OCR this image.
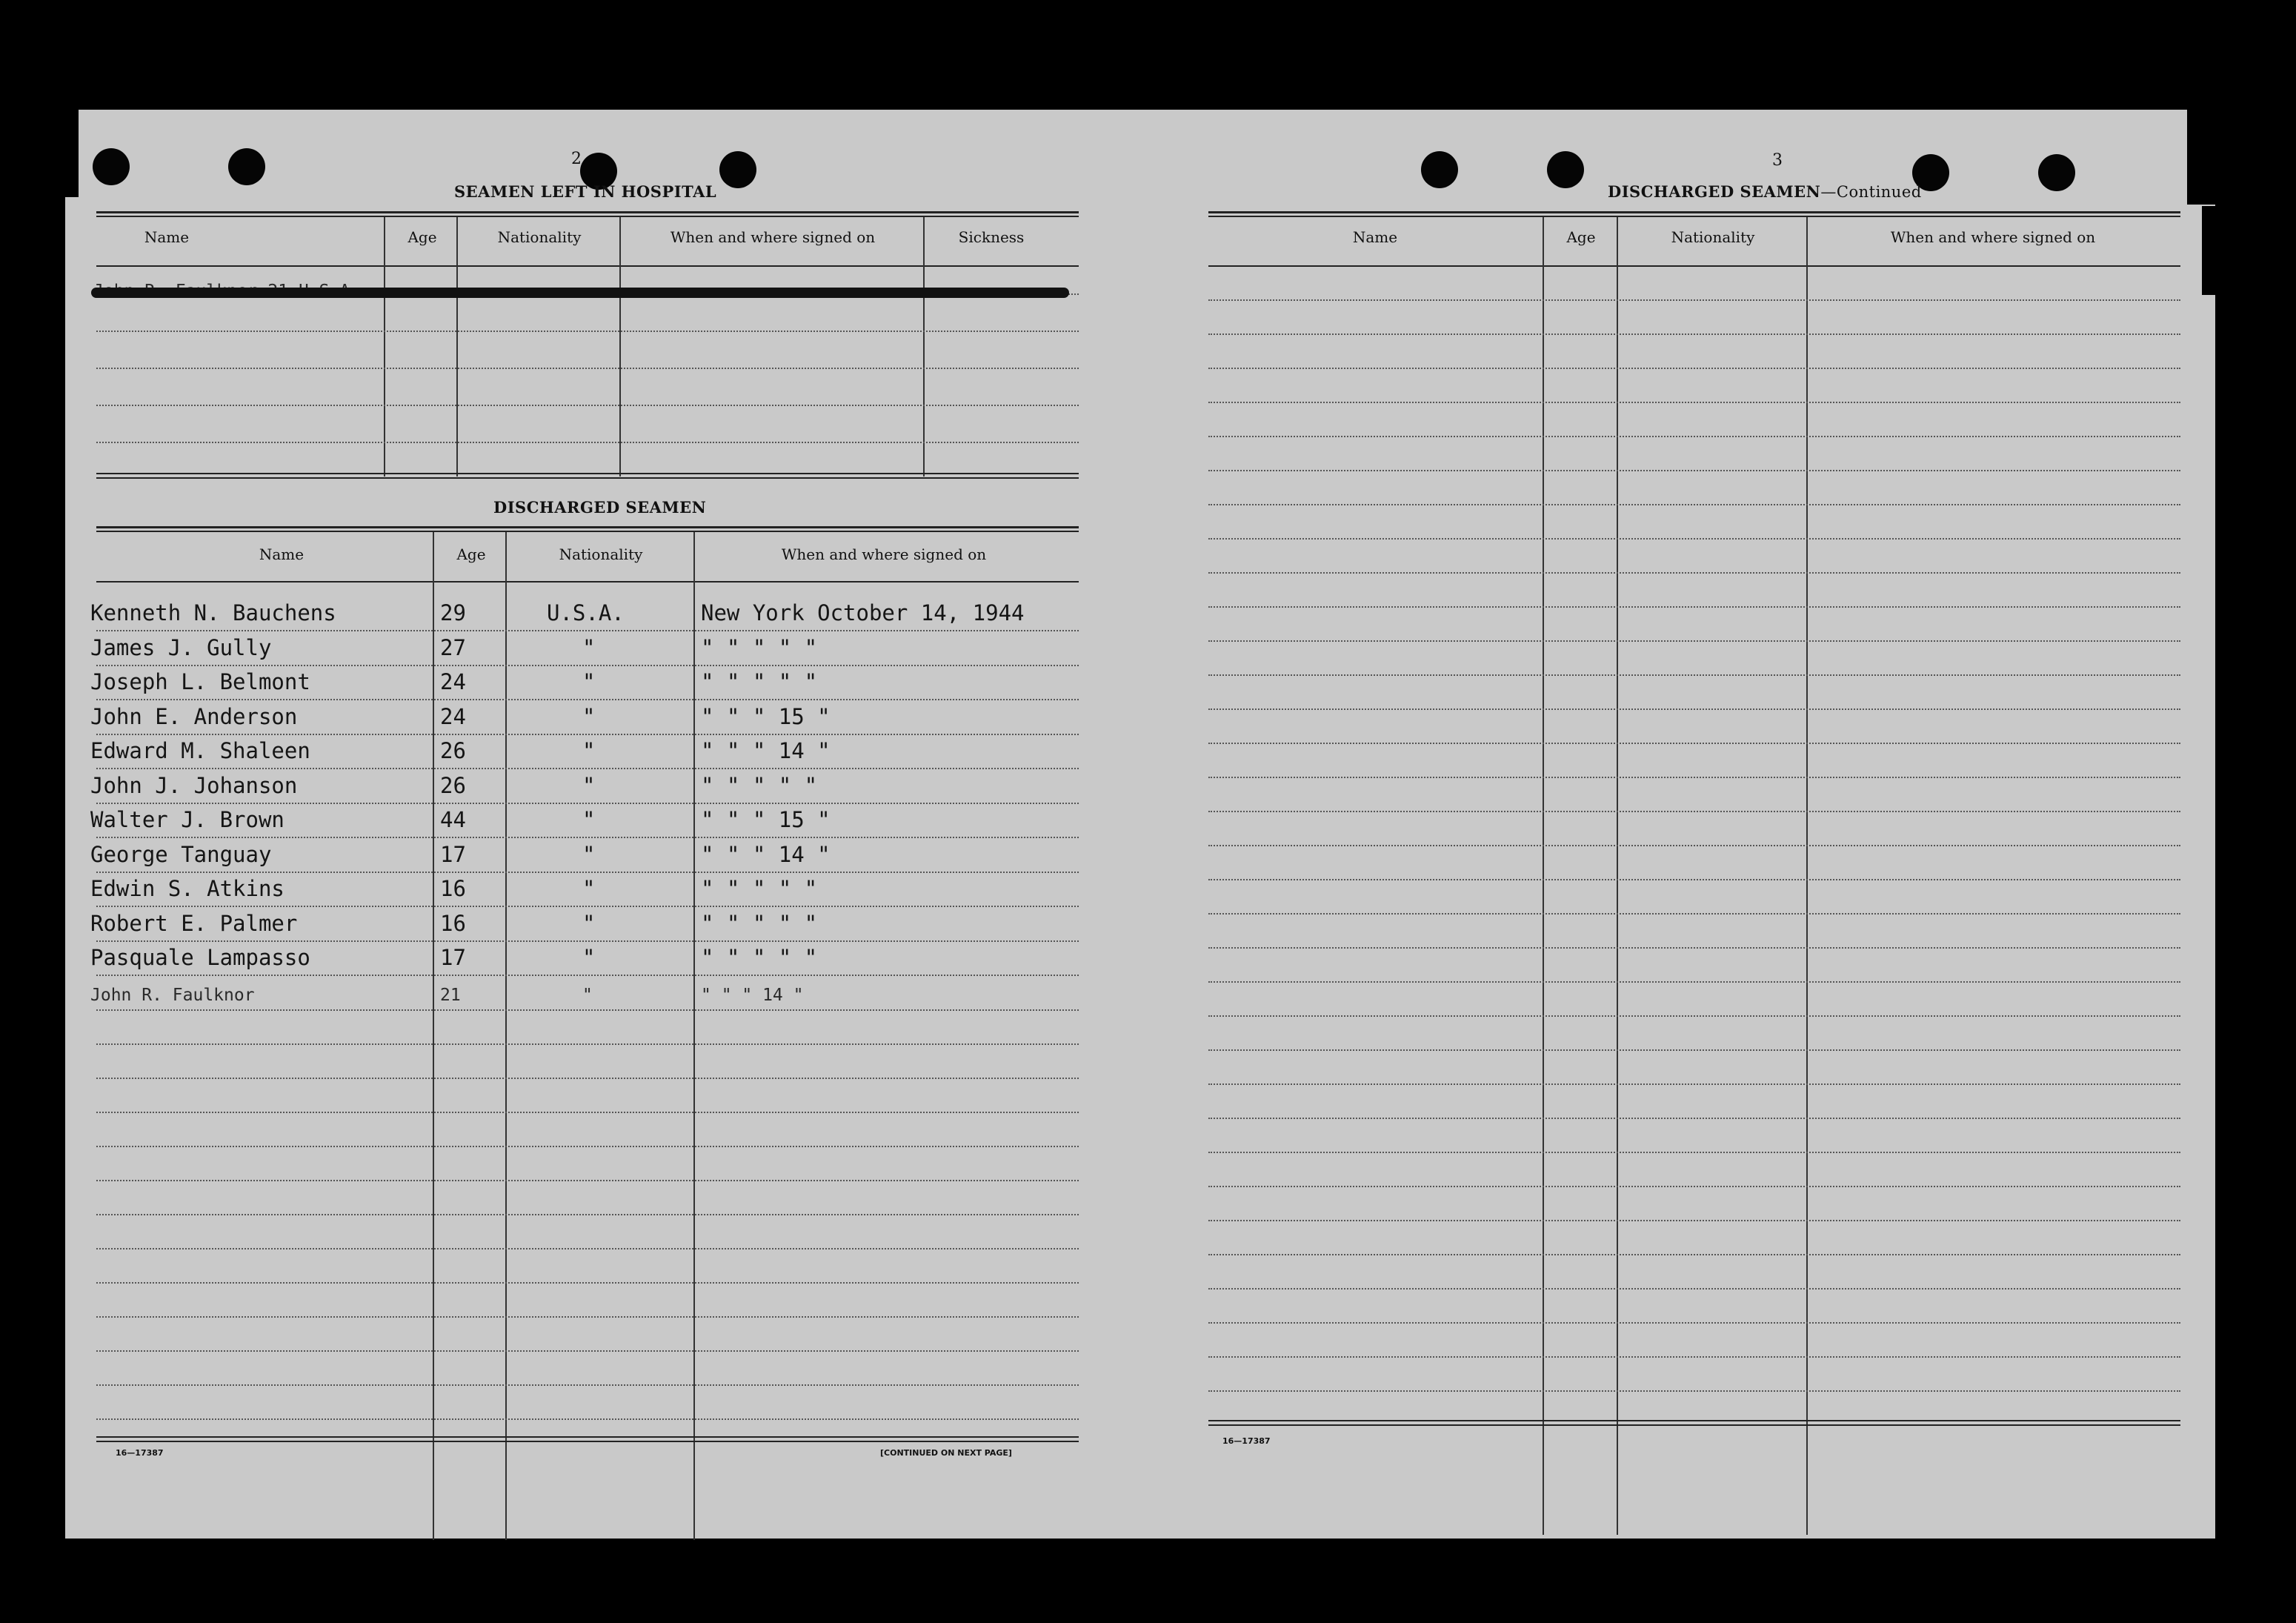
2
SEAMEN LEFT IN HOSPITAL
Name	Age	Nationality	When and where signed on	Sickness
DISCHARGED SEAMEN
Name	Age	Nationality	When and where signed on
Kenneth N. Bauchens	29	U.S.A.	New York October 14, 1944
James J. Gully	27	"	" " " " "
Joseph L. Belmont	24	"	" " " " "
John E. Anderson	24	"	" " " 15 "
Edward M. Shaleen	26	"	" " " 14 "
John J. Johanson	26	"	" " " " "
Walter J. Brown	44	"	" " " 15 "
George Tanguay	17	"	" " " 14 "
Edwin S. Atkins	16	"	" " " " "
Robert E. Palmer	16	"	" " " " "
Pasquale Lampasso	17	"	" " " " "
John R. Faulknor	21	"	" " " 14 "
16—17387	[CONTINUED ON NEXT PAGE]
3
DISCHARGED SEAMEN—Continued
Name	Age	Nationality	When and where signed on
16—17387
